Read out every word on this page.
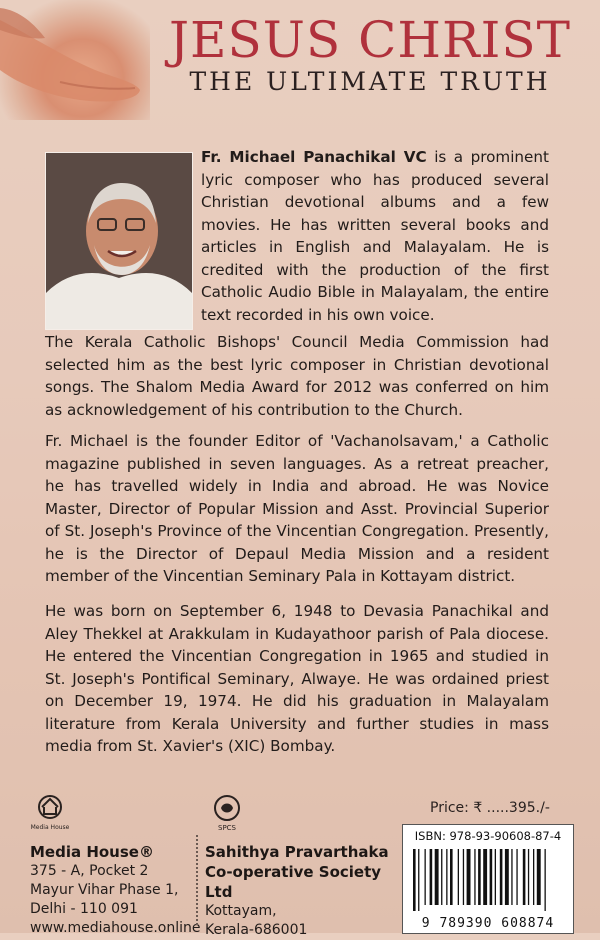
JESUS CHRIST
THE ULTIMATE TRUTH
Fr. Michael Panachikal VC is a prominent lyric composer who has produced several Christian devotional albums and a few movies. He has written several books and articles in English and Malayalam. He is credited with the production of the first Catholic Audio Bible in Malayalam, the entire text recorded in his own voice.
The Kerala Catholic Bishops' Council Media Commission had selected him as the best lyric composer in Christian devotional songs. The Shalom Media Award for 2012 was conferred on him as acknowledgement of his contribution to the Church.
Fr. Michael is the founder Editor of 'Vachanolsavam,' a Catholic magazine published in seven languages. As a retreat preacher, he has travelled widely in India and abroad. He was Novice Master, Director of Popular Mission and Asst. Provincial Superior of St. Joseph's Province of the Vincentian Congregation. Presently, he is the Director of Depaul Media Mission and a resident member of the Vincentian Seminary Pala in Kottayam district.
He was born on September 6, 1948 to Devasia Panachikal and Aley Thekkel at Arakkulam in Kudayathoor parish of Pala diocese. He entered the Vincentian Congregation in 1965 and studied in St. Joseph's Pontifical Seminary, Alwaye. He was ordained priest on December 19, 1974. He did his graduation in Malayalam literature from Kerala University and further studies in mass media from St. Xavier's (XIC) Bombay.
Media House
Media House®
375 - A, Pocket 2
Mayur Vihar Phase 1,
Delhi - 110 091
www.mediahouse.online
SPCS
Sahithya Pravarthaka
Co-operative Society Ltd
Kottayam,
Kerala-686001
Price: ₹ .....395./-
ISBN: 978-93-90608-87-4
9 789390 608874
